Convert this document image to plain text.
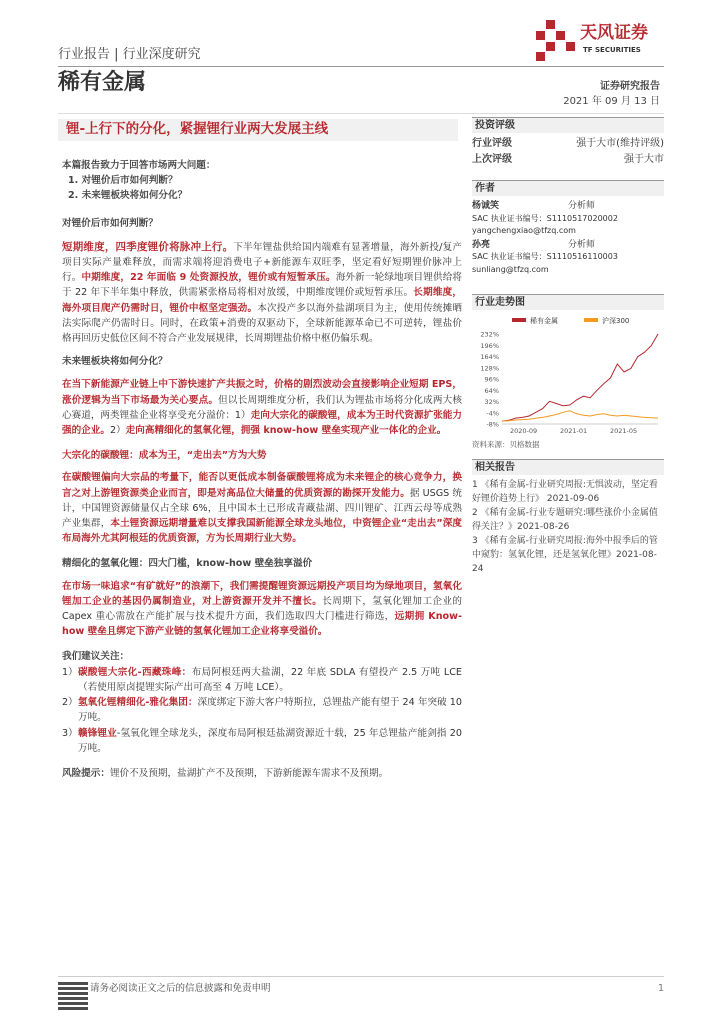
行业报告 | 行业深度研究
稀有金属
天风证券
TF SECURITIES
证券研究报告
2021 年 09 月 13 日
锂-上行下的分化，紧握锂行业两大发展主线	投资评级
行业评级	强于大市(维持评级)
上次评级	强于大市
作者
杨诚笑	分析师
SAC 执业证书编号：S1110517020002
yangchengxiao@tfzq.com
孙亮	分析师
SAC 执业证书编号：S1110516110003
sunliang@tfzq.com
行业走势图
稀有金属	沪深300
232%
196%
164%
128%
96%
64%
32%
-4%
-8%
2020-09	2021-01	2021-05
资料来源：贝格数据
相关报告
1 《稀有金属-行业研究周报:无惧波动，坚定看好锂价趋势上行》 2021-09-06
2 《稀有金属-行业专题研究:哪些涨价小金属值得关注？》2021-08-26
3 《稀有金属-行业研究周报:海外中报季后的管中窥豹：氢氧化锂，还是氢氧化锂》2021-08-24
本篇报告致力于回答市场两大问题：
1. 对锂价后市如何判断？
2. 未来锂板块将如何分化？
对锂价后市如何判断？
短期维度，四季度锂价将脉冲上行。下半年锂盐供给国内端难有显著增量，海外新投/复产项目实际产量难释放，而需求端将迎消费电子+新能源车双旺季，坚定看好短期锂价脉冲上行。中期维度，22 年面临 9 处资源投放，锂价或有短暂承压。海外新一轮绿地项目锂供给将于 22 年下半年集中释放，供需紧张格局将相对放缓，中期维度锂价或短暂承压。长期维度，海外项目爬产仍需时日，锂价中枢坚定强劲。本次投产多以海外盐湖项目为主，使用传统摊晒法实际爬产仍需时日。同时，在政策+消费的双驱动下，全球新能源革命已不可逆转，锂盐价格再回历史低位区间不符合产业发展规律，长周期锂盐价格中枢仍偏乐观。
未来锂板块将如何分化？
在当下新能源产业链上中下游快速扩产共振之时，价格的剧烈波动会直接影响企业短期 EPS，涨价逻辑为当下市场最为关心要点。但以长周期维度分析，我们认为锂盐市场将分化成两大核心赛道，两类锂盐企业将享受充分溢价：1）走向大宗化的碳酸锂，成本为王时代资源扩张能力强的企业。2）走向高精细化的氢氧化锂，拥强 know-how 壁垒实现产业一体化的企业。
大宗化的碳酸锂：成本为王，“走出去”方为大势
在碳酸锂偏向大宗品的考量下，能否以更低成本制备碳酸锂将成为未来锂企的核心竞争力，换言之对上游锂资源类企业而言，即是对高品位大储量的优质资源的勘探开发能力。据 USGS 统计，中国锂资源储量仅占全球 6%，且中国本土已形成青藏盐湖、四川锂矿、江西云母等成熟产业集群，本土锂资源远期增量难以支撑我国新能源全球龙头地位，中资锂企业“走出去”深度布局海外尤其阿根廷的优质资源，方为长周期行业大势。
精细化的氢氧化锂：四大门槛，know-how 壁垒独享溢价
在市场一味追求“有矿就好”的浪潮下，我们需提醒锂资源远期投产项目均为绿地项目，氢氧化锂加工企业的基因仍属制造业，对上游资源开发并不擅长。长周期下，氢氧化锂加工企业的 Capex 重心需放在产能扩展与技术提升方面，我们选取四大门槛进行筛选，远期拥 Know-how 壁垒且绑定下游产业链的氢氧化锂加工企业将享受溢价。
我们建议关注：
1） 碳酸锂大宗化-西藏珠峰：布局阿根廷两大盐湖，22 年底 SDLA 有望投产 2.5 万吨 LCE（若使用原卤提锂实际产出可高至 4 万吨 LCE）。
2） 氢氧化锂精细化-雅化集团：深度绑定下游大客户特斯拉，总锂盐产能有望于 24 年突破 10 万吨。
3） 赣锋锂业-氢氧化锂全球龙头，深度布局阿根廷盐湖资源近十载，25 年总锂盐产能剑指 20 万吨。
风险提示：锂价不及预期，盐湖扩产不及预期，下游新能源车需求不及预期。
请务必阅读正文之后的信息披露和免责申明	1
